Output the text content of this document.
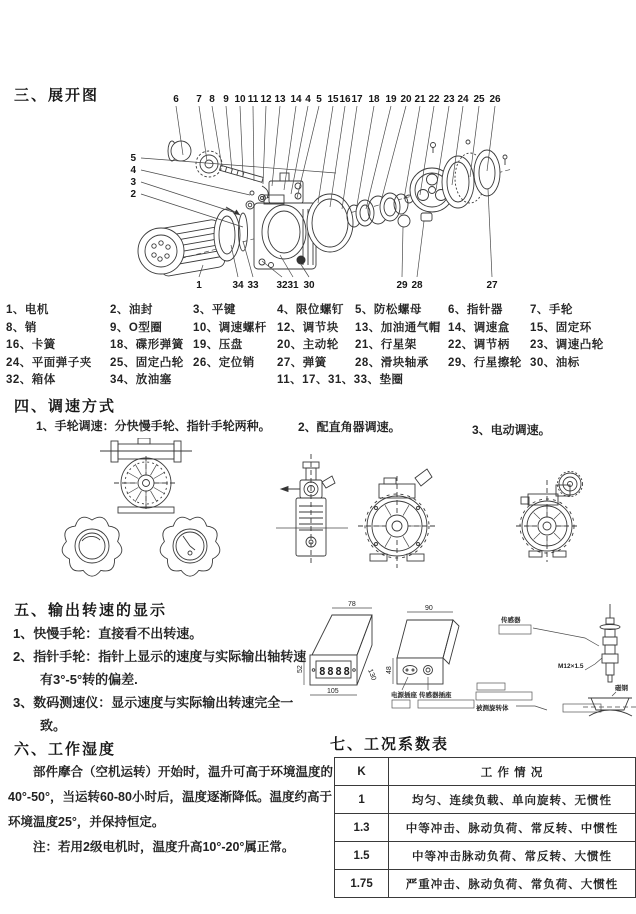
三、展开图	6 7 8 9 10 11 12 13 14 4 5 15 16 17 18 19 20 21 22 23 24 25 26
5
4
3
2
1	34 33 32 31 30	29 28	27
1、电机	2、油封	3、平键	4、限位螺钉 5、防松螺母	6、指针器	7、手轮
8、销	9、O型圈	10、调速螺杆 12、调节块	13、加油通气帽 14、调速盒	15、固定环
16、卡簧	18、碟形弹簧 19、压盘	20、主动轮	21、行星架	22、调节柄	23、调速凸轮
24、平面弹子夹	25、固定凸轮 26、定位销	27、弹簧	28、滑块轴承	29、行星擦轮 30、油标
32、箱体	34、放油塞	11、17、31、33、垫圈
四、调速方式
1、手轮调速：分快慢手轮、指针手轮两种。 2、配直角器调速。	3、电动调速。
五、输出转速的显示
1、快慢手轮：直接看不出转速。
2、指针手轮：指针上显示的速度与实际输出轴转速有3°-5°转的偏差.
3、数码测速仪：显示速度与实际输出转速完全一致。
8888
78
52
105
130
90
48
电源插座 传感器插座
传感器
M12×1.5
磁钢
被测旋转体
六、工作湿度

部件摩合（空机运转）开始时，温升可高于环境温度的40°-50°，当运转60-80小时后，温度逐渐降低。温度约高于环境温度25°，并保持恒定。

注：若用2级电机时，温度升高10°-20°属正常。

七、工况系数表
K	工 作 情 况
1	均匀、连续负载、单向旋转、无惯性
1.3	中等冲击、脉动负荷、常反转、中惯性
1.5	中等冲击脉动负荷、常反转、大惯性
1.75	严重冲击、脉动负荷、常负荷、大惯性
